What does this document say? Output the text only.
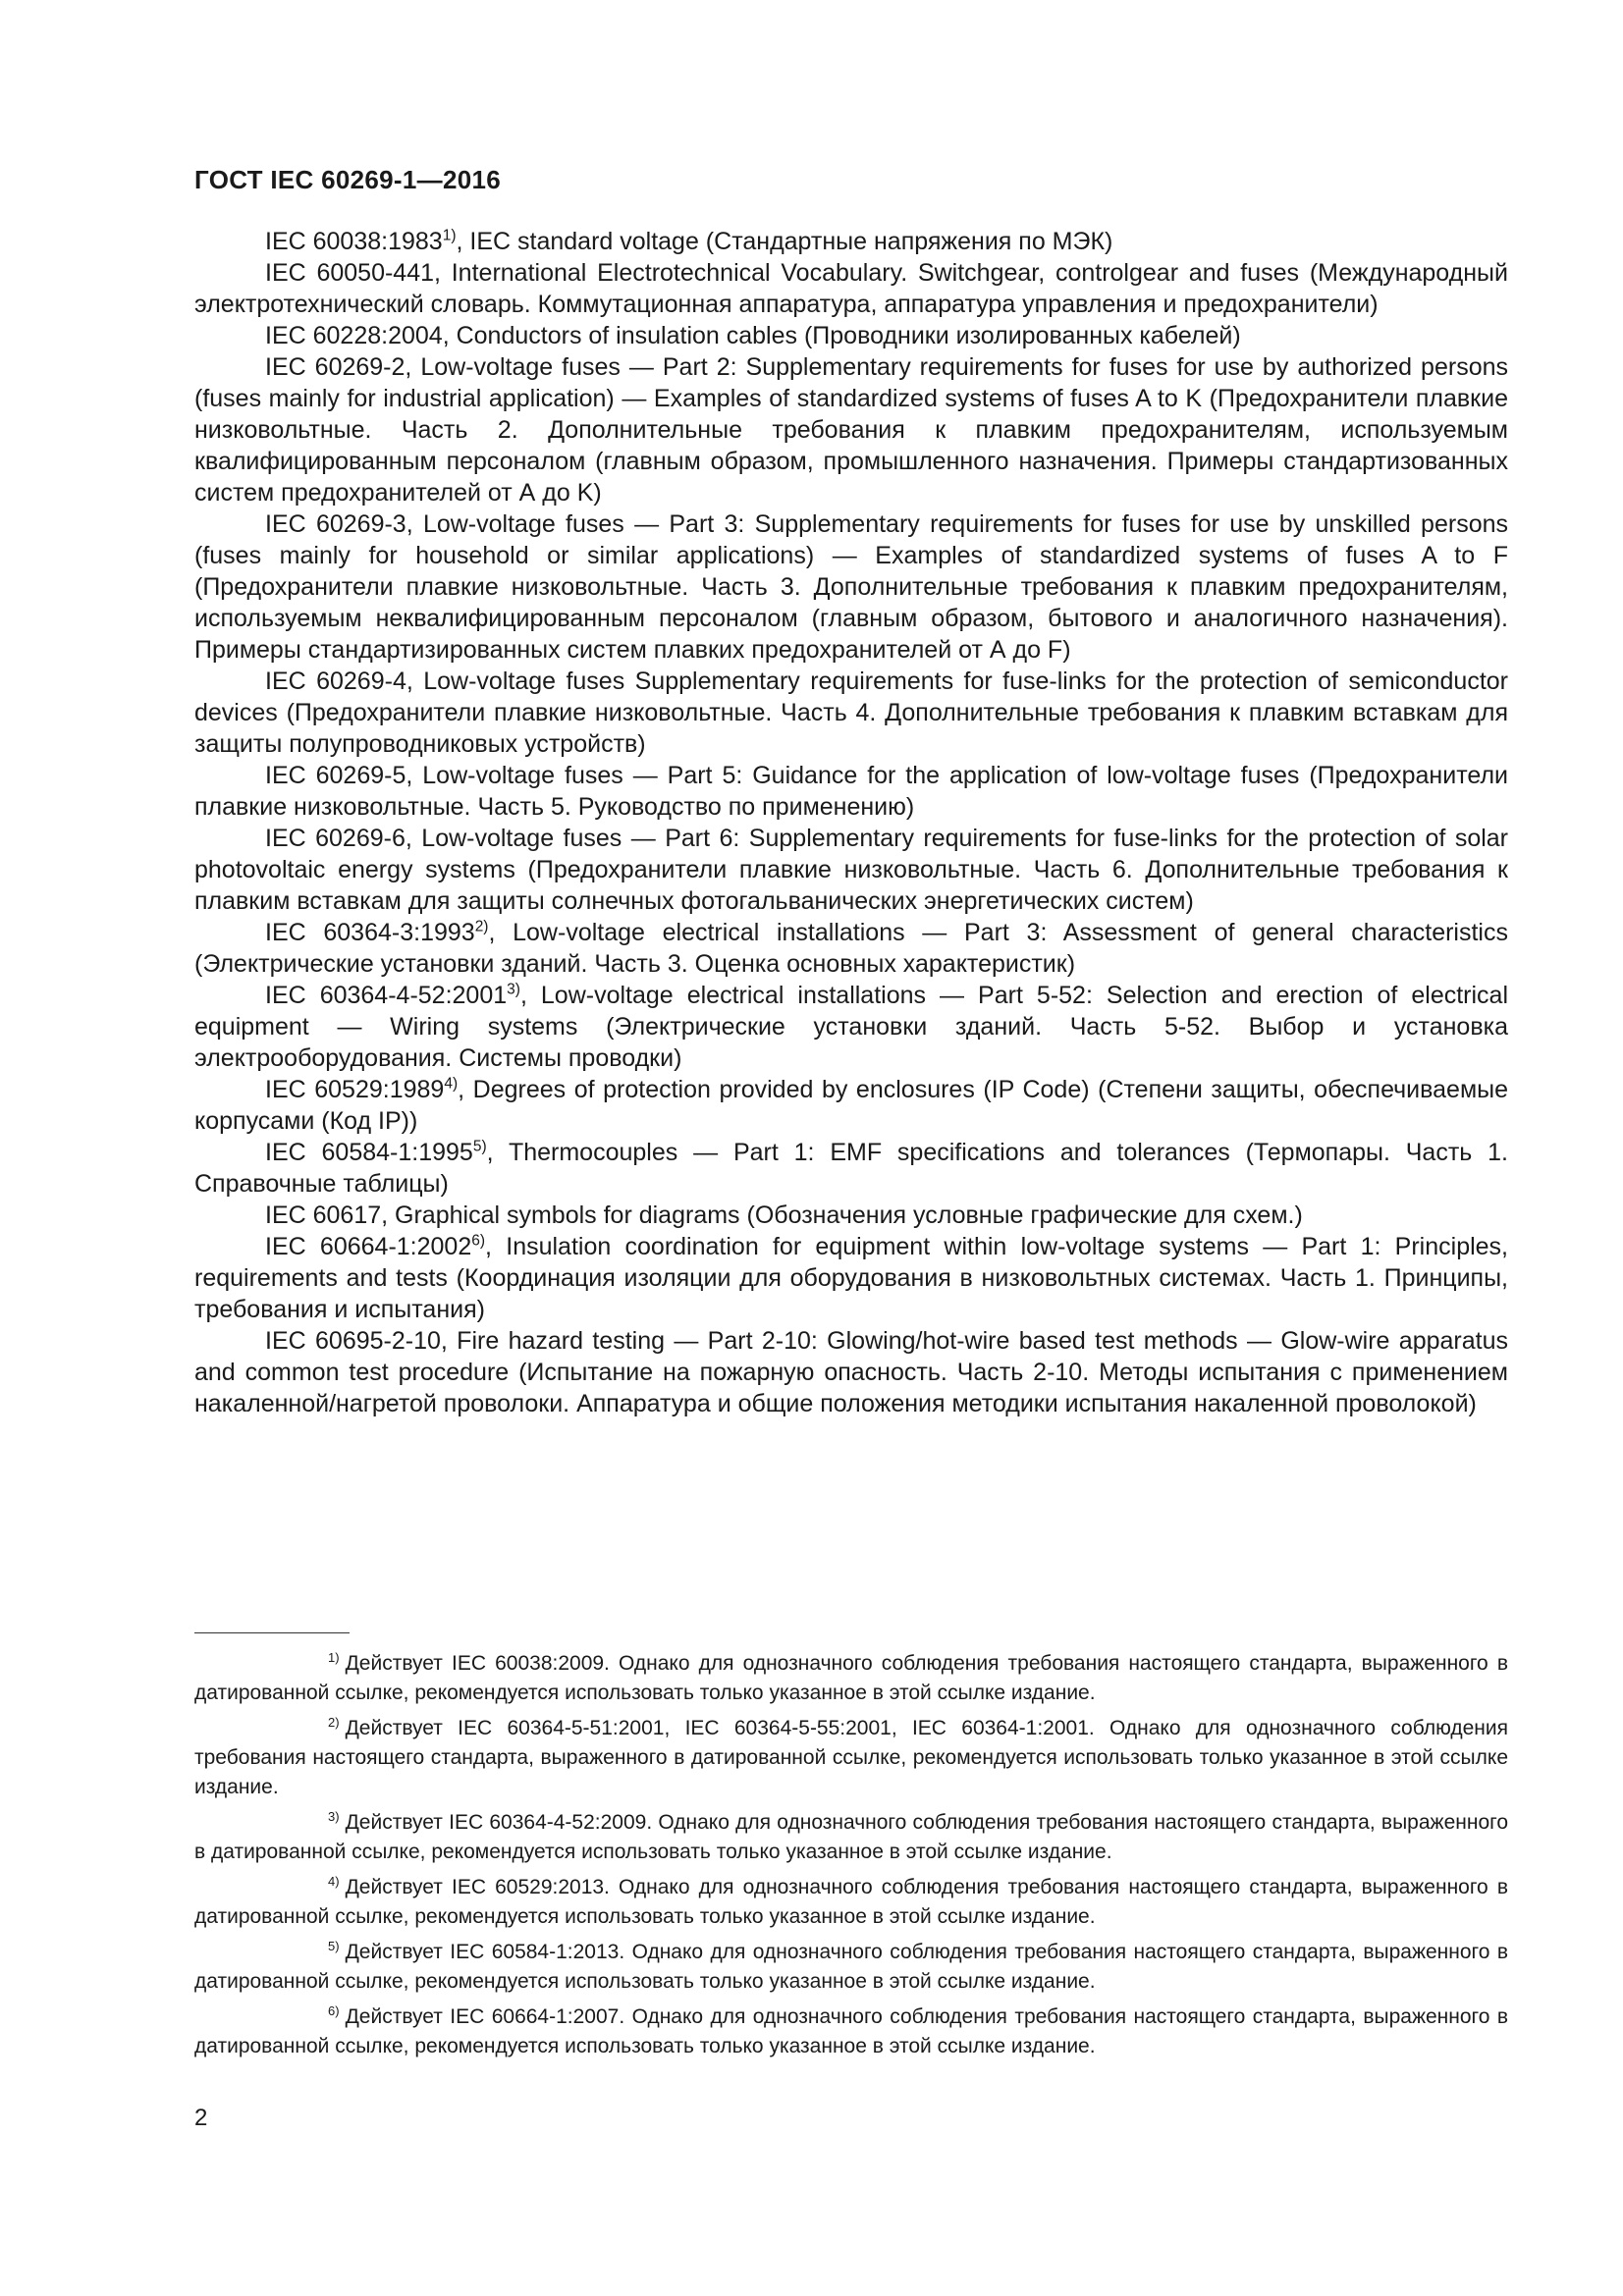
ГОСТ IEC 60269-1—2016

IEC 60038:1983$^{1)}$, IEC standard voltage (Стандартные напряжения по МЭК)

IEC 60050-441, International Electrotechnical Vocabulary. Switchgear, controlgear and fuses (Международный электротехнический словарь. Коммутационная аппаратура, аппаратура управления и предохранители)

IEC 60228:2004, Conductors of insulation cables (Проводники изолированных кабелей)

IEC 60269-2, Low-voltage fuses — Part 2: Supplementary requirements for fuses for use by authorized persons (fuses mainly for industrial application) — Examples of standardized systems of fuses A to K (Предохранители плавкие низковольтные. Часть 2. Дополнительные требования к плавким предохранителям, используемым квалифицированным персоналом (главным образом, промышленного назначения. Примеры стандартизованных систем предохранителей от А до K)

IEC 60269-3, Low-voltage fuses — Part 3: Supplementary requirements for fuses for use by unskilled persons (fuses mainly for household or similar applications) — Examples of standardized systems of fuses A to F (Предохранители плавкие низковольтные. Часть 3. Дополнительные требования к плавким предохранителям, используемым неквалифицированным персоналом (главным образом, бытового и аналогичного назначения). Примеры стандартизированных систем плавких предохранителей от А до F)

IEC 60269-4, Low-voltage fuses Supplementary requirements for fuse-links for the protection of semiconductor devices (Предохранители плавкие низковольтные. Часть 4. Дополнительные требования к плавким вставкам для защиты полупроводниковых устройств)

IEC 60269-5, Low-voltage fuses — Part 5: Guidance for the application of low-voltage fuses (Предохранители плавкие низковольтные. Часть 5. Руководство по применению)

IEC 60269-6, Low-voltage fuses — Part 6: Supplementary requirements for fuse-links for the protection of solar photovoltaic energy systems (Предохранители плавкие низковольтные. Часть 6. Дополнительные требования к плавким вставкам для защиты солнечных фотогальванических энергетических систем)

IEC 60364-3:1993$^{2)}$, Low-voltage electrical installations — Part 3: Assessment of general characteristics (Электрические установки зданий. Часть 3. Оценка основных характеристик)

IEC 60364-4-52:2001$^{3)}$, Low-voltage electrical installations — Part 5-52: Selection and erection of electrical equipment — Wiring systems (Электрические установки зданий. Часть 5-52. Выбор и установка электрооборудования. Системы проводки)

IEC 60529:1989$^{4)}$, Degrees of protection provided by enclosures (IP Code) (Степени защиты, обеспечиваемые корпусами (Код IP))

IEC 60584-1:1995$^{5)}$, Thermocouples — Part 1: EMF specifications and tolerances (Термопары. Часть 1. Справочные таблицы)

IEC 60617, Graphical symbols for diagrams (Обозначения условные графические для схем.)

IEC 60664-1:2002$^{6)}$, Insulation coordination for equipment within low-voltage systems — Part 1: Principles, requirements and tests (Координация изоляции для оборудования в низковольтных системах. Часть 1. Принципы, требования и испытания)

IEC 60695-2-10, Fire hazard testing — Part 2-10: Glowing/hot-wire based test methods — Glow-wire apparatus and common test procedure (Испытание на пожарную опасность. Часть 2-10. Методы испытания с применением накаленной/нагретой проволоки. Аппаратура и общие положения методики испытания накаленной проволокой)

$^{1)}$ Действует IEC 60038:2009. Однако для однозначного соблюдения требования настоящего стандарта, выраженного в датированной ссылке, рекомендуется использовать только указанное в этой ссылке издание.

$^{2)}$ Действует IEC 60364-5-51:2001, IEC 60364-5-55:2001, IEC 60364-1:2001. Однако для однозначного соблюдения требования настоящего стандарта, выраженного в датированной ссылке, рекомендуется использовать только указанное в этой ссылке издание.

$^{3)}$ Действует IEC 60364-4-52:2009. Однако для однозначного соблюдения требования настоящего стандарта, выраженного в датированной ссылке, рекомендуется использовать только указанное в этой ссылке издание.

$^{4)}$ Действует IEC 60529:2013. Однако для однозначного соблюдения требования настоящего стандарта, выраженного в датированной ссылке, рекомендуется использовать только указанное в этой ссылке издание.

$^{5)}$ Действует IEC 60584-1:2013. Однако для однозначного соблюдения требования настоящего стандарта, выраженного в датированной ссылке, рекомендуется использовать только указанное в этой ссылке издание.

$^{6)}$ Действует IEC 60664-1:2007. Однако для однозначного соблюдения требования настоящего стандарта, выраженного в датированной ссылке, рекомендуется использовать только указанное в этой ссылке издание.

2
